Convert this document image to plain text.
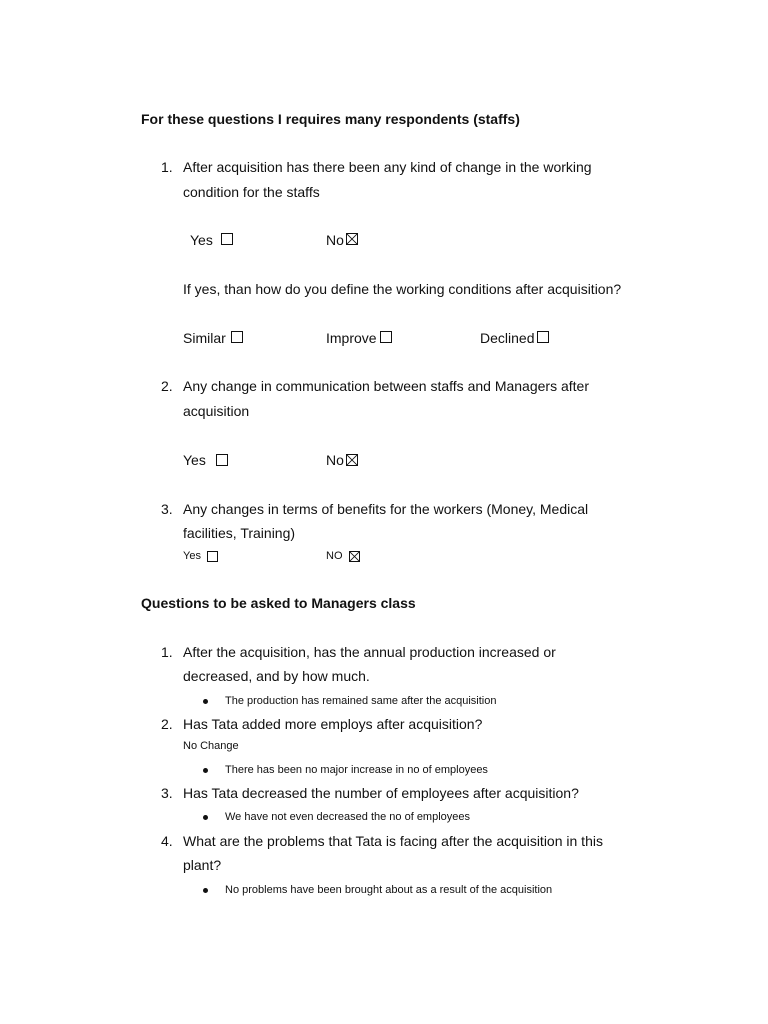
For these questions I requires many respondents (staffs)
1. After acquisition has there been any kind of change in the working
condition for the staffs
Yes	No
If yes, than how do you define the working conditions after acquisition?
Similar	Improve	Declined
2. Any change in communication between staffs and Managers after
acquisition
Yes	No
3. Any changes in terms of benefits for the workers (Money, Medical
facilities, Training)
Yes	NO
Questions to be asked to Managers class
1. After the acquisition, has the annual production increased or
decreased, and by how much.
The production has remained same after the acquisition
2. Has Tata added more employs after acquisition?
No Change
There has been no major increase in no of employees
3. Has Tata decreased the number of employees after acquisition?
We have not even decreased the no of employees
4. What are the problems that Tata is facing after the acquisition in this
plant?
No problems have been brought about as a result of the acquisition
